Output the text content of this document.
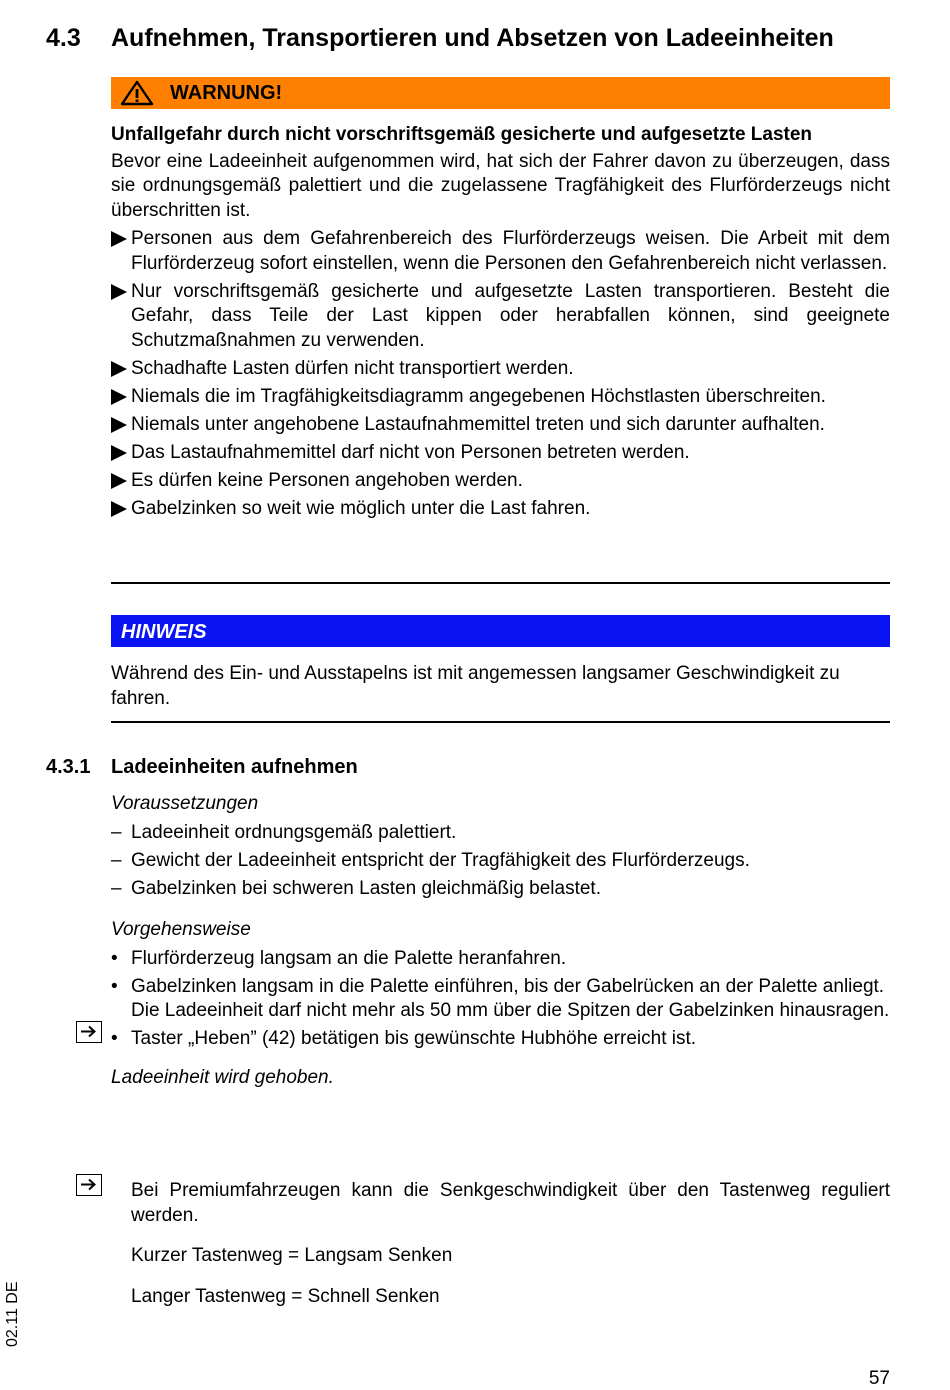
4.3 Aufnehmen, Transportieren und Absetzen von Ladeeinheiten
WARNUNG!
Unfallgefahr durch nicht vorschriftsgemäß gesicherte und aufgesetzte Lasten

Bevor eine Ladeeinheit aufgenommen wird, hat sich der Fahrer davon zu überzeugen, dass sie ordnungsgemäß palettiert und die zugelassene Tragfähigkeit des Flurförderzeugs nicht überschritten ist.

Personen aus dem Gefahrenbereich des Flurförderzeugs weisen. Die Arbeit mit dem Flurförderzeug sofort einstellen, wenn die Personen den Gefahrenbereich nicht verlassen.
Nur vorschriftsgemäß gesicherte und aufgesetzte Lasten transportieren. Besteht die Gefahr, dass Teile der Last kippen oder herabfallen können, sind geeignete Schutzmaßnahmen zu verwenden.
Schadhafte Lasten dürfen nicht transportiert werden.
Niemals die im Tragfähigkeitsdiagramm angegebenen Höchstlasten überschreiten.
Niemals unter angehobene Lastaufnahmemittel treten und sich darunter aufhalten.
Das Lastaufnahmemittel darf nicht von Personen betreten werden.
Es dürfen keine Personen angehoben werden.
Gabelzinken so weit wie möglich unter die Last fahren.
HINWEIS

Während des Ein- und Ausstapelns ist mit angemessen langsamer Geschwindigkeit zu fahren.

4.3.1 Ladeeinheiten aufnehmen
Voraussetzungen
– Ladeeinheit ordnungsgemäß palettiert.
– Gewicht der Ladeeinheit entspricht der Tragfähigkeit des Flurförderzeugs.
– Gabelzinken bei schweren Lasten gleichmäßig belastet.
Vorgehensweise
• Flurförderzeug langsam an die Palette heranfahren.
• Gabelzinken langsam in die Palette einführen, bis der Gabelrücken an der Palette anliegt.
Die Ladeeinheit darf nicht mehr als 50 mm über die Spitzen der Gabelzinken hinausragen.
• Taster „Heben” (42) betätigen bis gewünschte Hubhöhe erreicht ist.
Ladeeinheit wird gehoben.

Bei Premiumfahrzeugen kann die Senkgeschwindigkeit über den Tastenweg reguliert werden.

Kurzer Tastenweg = Langsam Senken

Langer Tastenweg = Schnell Senken

02.11 DE
57
